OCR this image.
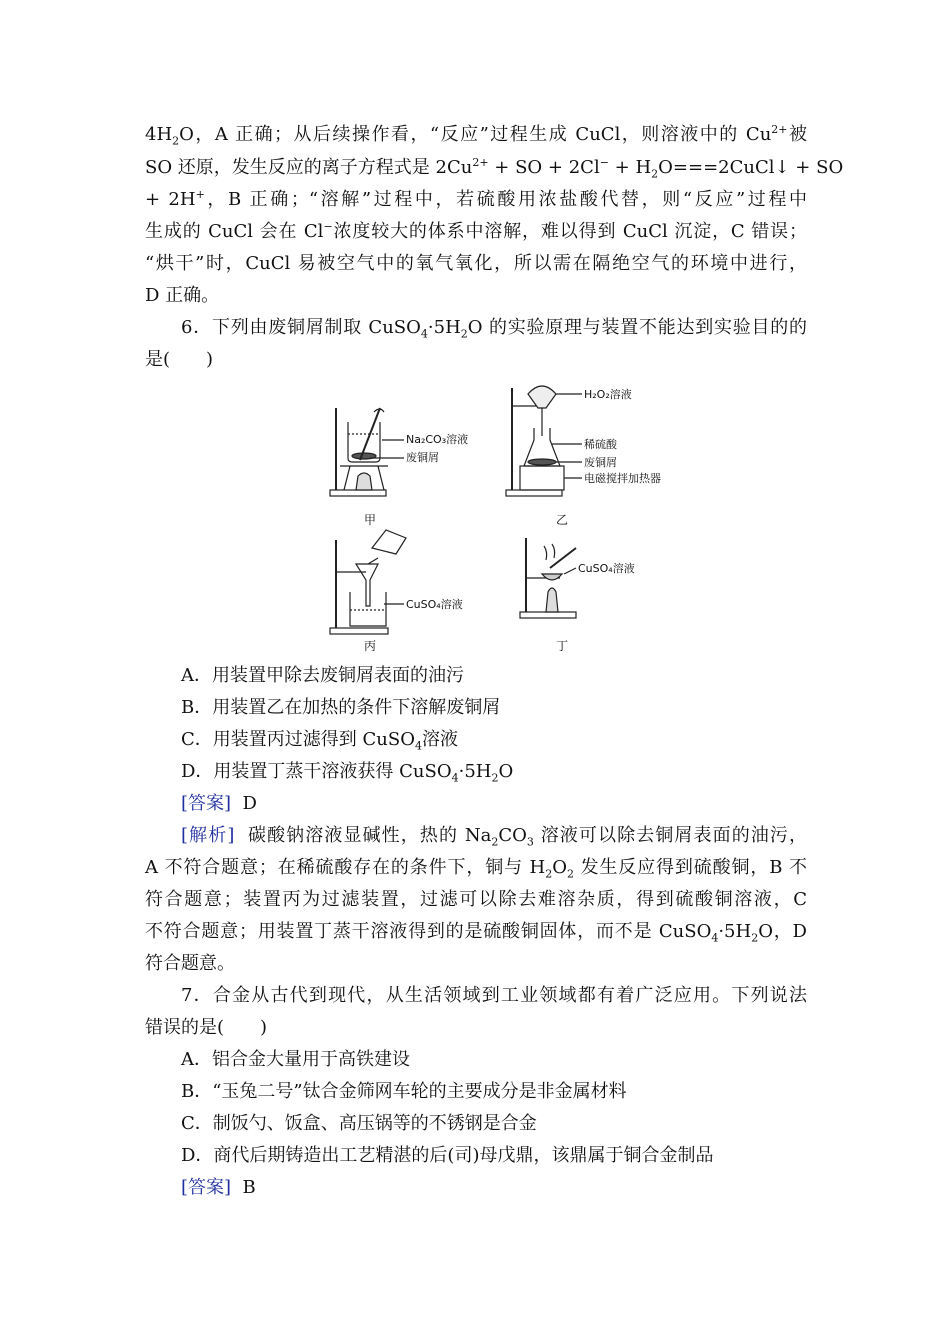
$4H_2O$，A 正确；从后续操作看，“反应”过程生成 CuCl，则溶液中的 $Cu^{2+}$被
SO 还原，发生反应的离子方程式是 $2Cu^{2+}$ + SO + $2Cl^- + H_2O===2CuCl↓$ + SO
+ 2H+，B 正确；“溶解”过程中，若硫酸用浓盐酸代替，则“反应”过程中
生成的 CuCl 会在 Cl−浓度较大的体系中溶解，难以得到 CuCl 沉淀，C 错误；
“烘干”时，CuCl 易被空气中的氧气氧化，所以需在隔绝空气的环境中进行，
D 正确。
6．下列由废铜屑制取 $CuSO_4\cdot 5H_2O$ 的实验原理与装置不能达到实验目的的
是(　　)
Na₂CO₃溶液
废铜屑
H₂O₂溶液
稀硫酸
废铜屑
电磁搅拌加热器
CuSO₄溶液
CuSO₄溶液
甲	乙
丙	丁
A．用装置甲除去废铜屑表面的油污
B．用装置乙在加热的条件下溶解废铜屑
C．用装置丙过滤得到 CuSO$_4$溶液
D．用装置丁蒸干溶液获得 $CuSO_4\cdot 5H_2O$
[答案] D
[解析] 碳酸钠溶液显碱性，热的 $Na_2CO_3$ 溶液可以除去铜屑表面的油污，
A 不符合题意；在稀硫酸存在的条件下，铜与 $H_2O_2$ 发生反应得到硫酸铜，B 不
符合题意；装置丙为过滤装置，过滤可以除去难溶杂质，得到硫酸铜溶液，C
不符合题意；用装置丁蒸干溶液得到的是硫酸铜固体，而不是 $CuSO_4\cdot 5H_2O$，D
符合题意。
7．合金从古代到现代，从生活领域到工业领域都有着广泛应用。下列说法
错误的是(　　)
A．铝合金大量用于高铁建设
B．“玉兔二号”钛合金筛网车轮的主要成分是非金属材料
C．制饭勺、饭盒、高压锅等的不锈钢是合金
D．商代后期铸造出工艺精湛的后(司)母戊鼎，该鼎属于铜合金制品
[答案] B
